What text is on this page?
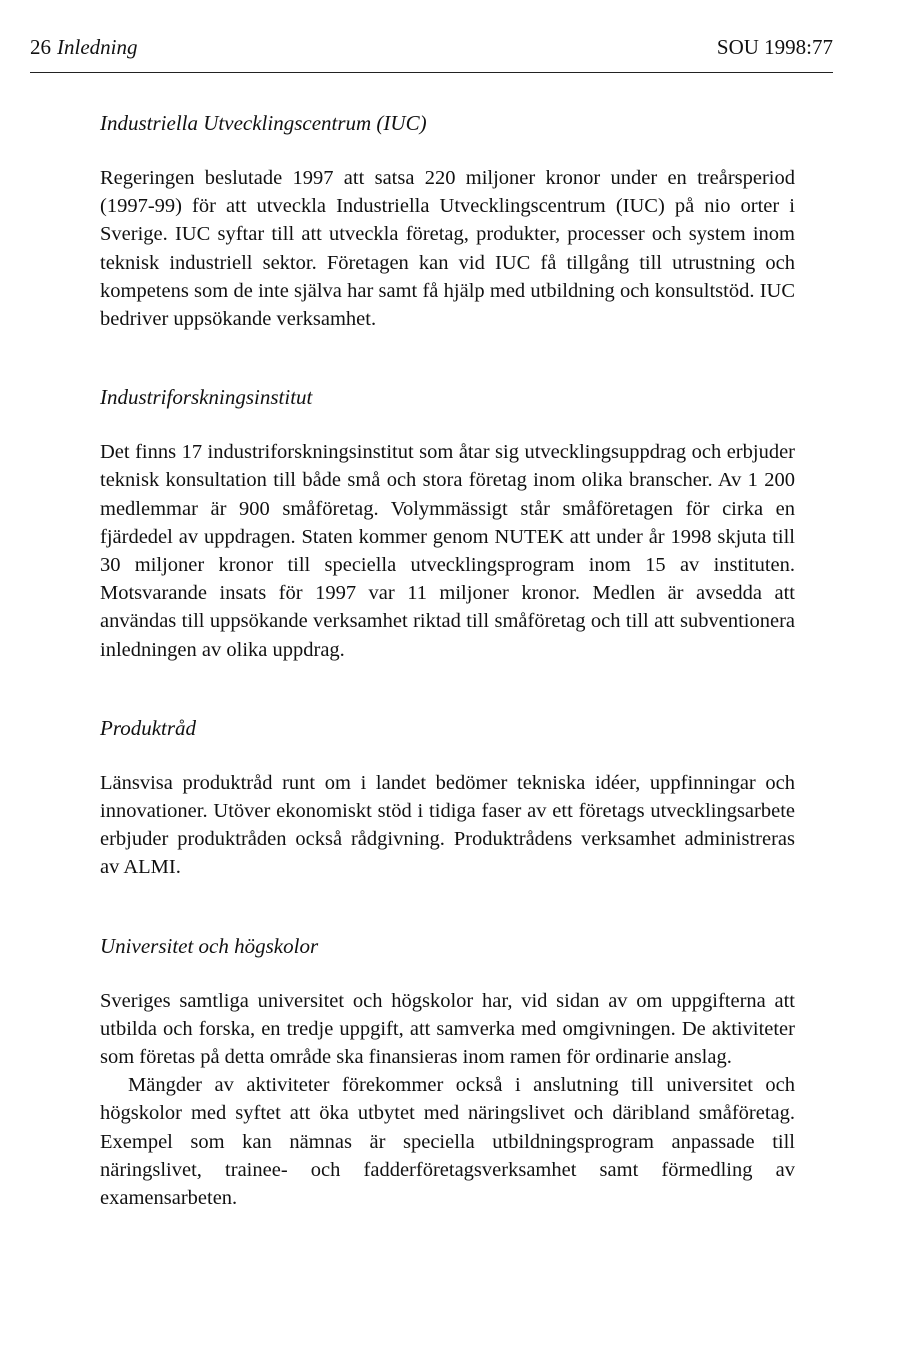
26 Inledning	SOU 1998:77
Industriella Utvecklingscentrum (IUC)

Regeringen beslutade 1997 att satsa 220 miljoner kronor under en treårsperiod (1997-99) för att utveckla Industriella Utvecklingscentrum (IUC) på nio orter i Sverige. IUC syftar till att utveckla företag, produkter, processer och system inom teknisk industriell sektor. Företagen kan vid IUC få tillgång till utrustning och kompetens som de inte själva har samt få hjälp med utbildning och konsultstöd. IUC bedriver uppsökande verksamhet.

Industriforskningsinstitut

Det finns 17 industriforskningsinstitut som åtar sig utvecklingsuppdrag och erbjuder teknisk konsultation till både små och stora företag inom olika branscher. Av 1 200 medlemmar är 900 småföretag. Volymmässigt står småföretagen för cirka en fjärdedel av uppdragen. Staten kommer genom NUTEK att under år 1998 skjuta till 30 miljoner kronor till speciella utvecklingsprogram inom 15 av instituten. Motsvarande insats för 1997 var 11 miljoner kronor. Medlen är avsedda att användas till uppsökande verksamhet riktad till småföretag och till att subventionera inledningen av olika uppdrag.

Produktråd

Länsvisa produktråd runt om i landet bedömer tekniska idéer, uppfinningar och innovationer. Utöver ekonomiskt stöd i tidiga faser av ett företags utvecklingsarbete erbjuder produktråden också rådgivning. Produktrådens verksamhet administreras av ALMI.

Universitet och högskolor

Sveriges samtliga universitet och högskolor har, vid sidan av om uppgifterna att utbilda och forska, en tredje uppgift, att samverka med omgivningen. De aktiviteter som företas på detta område ska finansieras inom ramen för ordinarie anslag.

Mängder av aktiviteter förekommer också i anslutning till universitet och högskolor med syftet att öka utbytet med näringslivet och däribland småföretag. Exempel som kan nämnas är speciella utbildningsprogram anpassade till näringslivet, trainee- och fadderföretagsverksamhet samt förmedling av examensarbeten.
